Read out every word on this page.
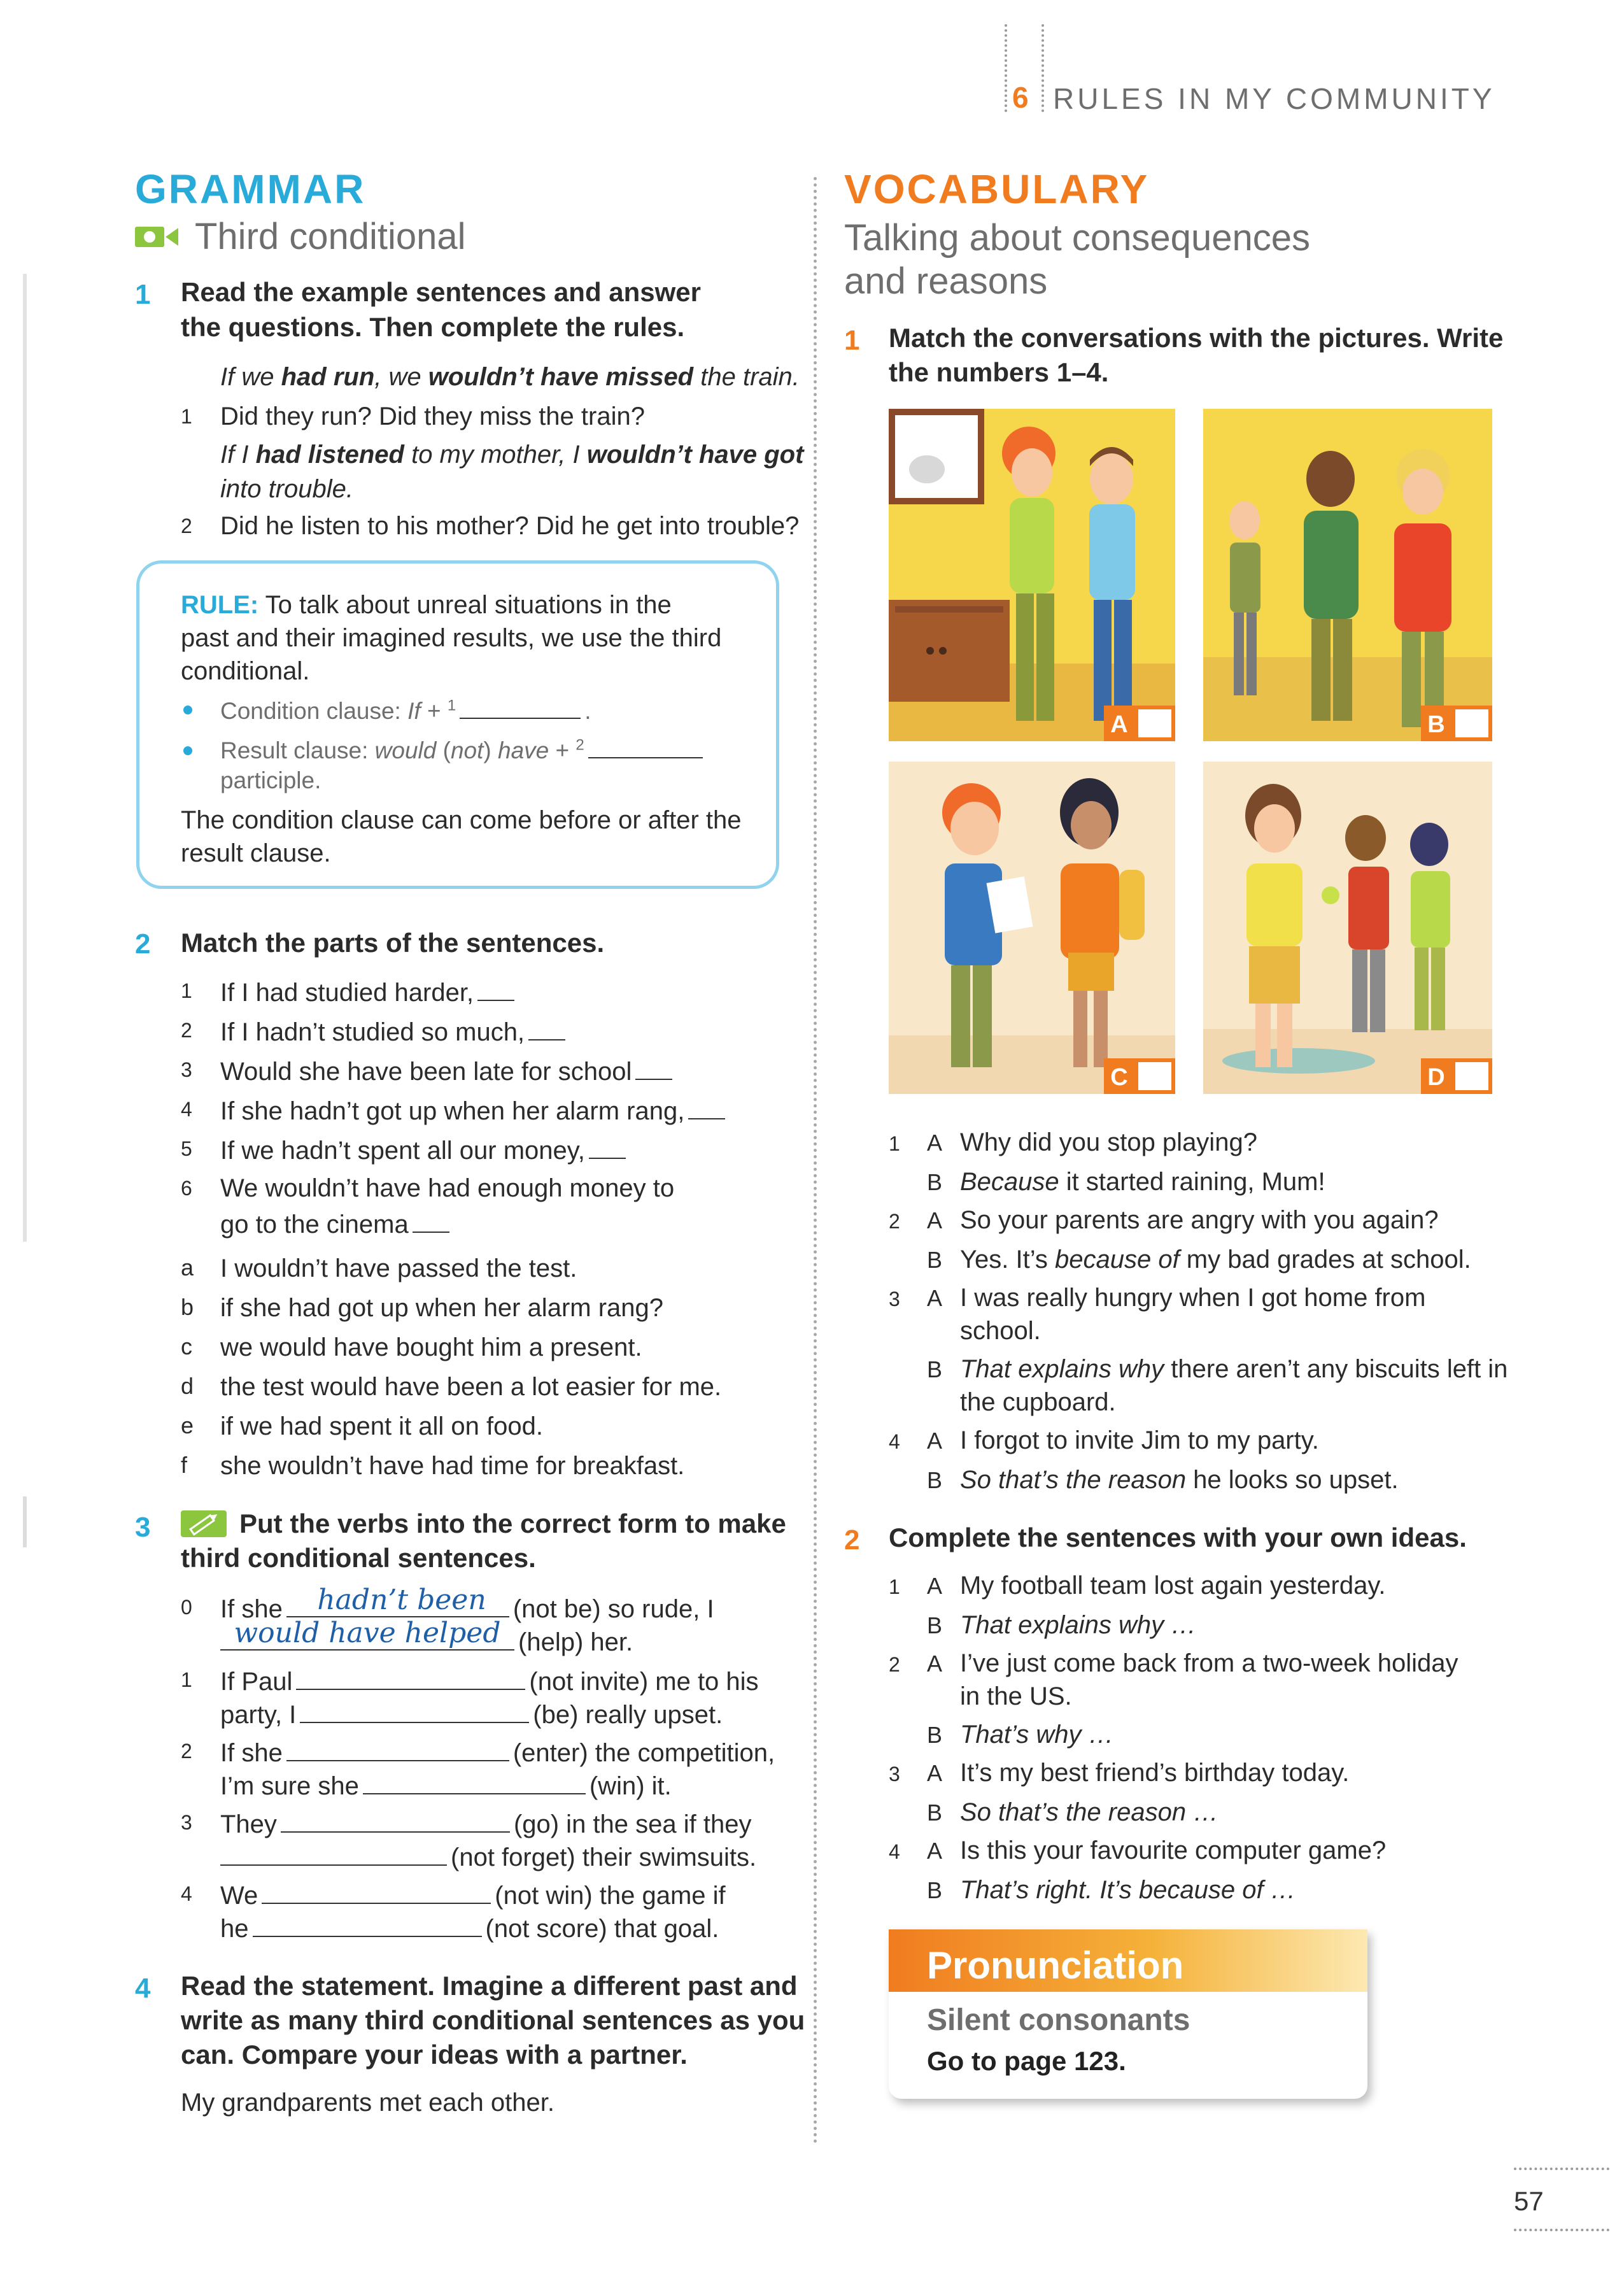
6 RULES IN MY COMMUNITY
GRAMMAR
Third conditional
1 Read the example sentences and answer the questions. Then complete the rules.
If we had run, we wouldn’t have missed the train.
1	Did they run? Did they miss the train?
If I had listened to my mother, I wouldn’t have got
into trouble.
2	Did he listen to his mother? Did he get into trouble?
RULE: To talk about unreal situations in the
past and their imagined results, we use the third
conditional.
Condition clause: If + $^1$	.
Result clause: would (not) have + $^2$
participle.
The condition clause can come before or after the
result clause.
2 Match the parts of the sentences.
1	If I had studied harder,
2	If I hadn’t studied so much,
3	Would she have been late for school
4	If she hadn’t got up when her alarm rang,
5	If we hadn’t spent all our money,
6	We wouldn’t have had enough money to
go to the cinema
a	I wouldn’t have passed the test.
b	if she had got up when her alarm rang?
c	we would have bought him a present.
d	the test would have been a lot easier for me.
e	if we had spent it all on food.
f	she wouldn’t have had time for breakfast.
3	Put the verbs into the correct form to make
third conditional sentences.
0	If she	(not be) so rude, I
hadn’t been
(help) her.
would have helped
1	If Paul	(not invite) me to his
party, I	(be) really upset.
2	If she	(enter) the competition,
I’m sure she	(win) it.
3	They	(go) in the sea if they
(not forget) their swimsuits.
4	We	(not win) the game if
he	(not score) that goal.
4 Read the statement. Imagine a different past and
write as many third conditional sentences as you
can. Compare your ideas with a partner.
My grandparents met each other.
VOCABULARY
Talking about consequences
and reasons
1 Match the conversations with the pictures. Write
the numbers 1–4.
A	B
C	D
1	A Why did you stop playing?
B Because it started raining, Mum!
2	A So your parents are angry with you again?
B Yes. It’s because of my bad grades at school.
3	A I was really hungry when I got home from
school.
B That explains why there aren’t any biscuits left in
the cupboard.
4	A I forgot to invite Jim to my party.
B So that’s the reason he looks so upset.
2 Complete the sentences with your own ideas.
1	A My football team lost again yesterday.
B That explains why …
2	A I’ve just come back from a two-week holiday
in the US.
B That’s why …
3	A It’s my best friend’s birthday today.
B So that’s the reason …
4	A Is this your favourite computer game?
B That’s right. It’s because of …
Pronunciation
Silent consonants
Go to page 123.
57
